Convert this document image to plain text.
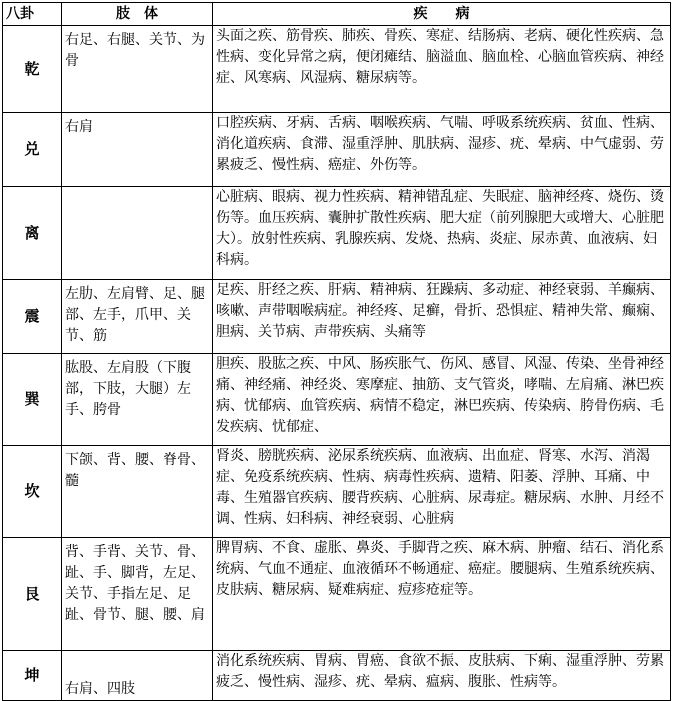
八卦	肢　体	疾　　病
乾	右足、右腿、关节、为骨	头面之疾、筋骨疾、肺疾、骨疾、寒症、结肠病、老病、硬化性疾病、急性病、变化异常之病，便闭瘫结、脑溢血、脑血栓、心脑血管疾病、神经症、风寒病、风湿病、糖尿病等。
兑	右肩	口腔疾病、牙病、舌病、咽喉疾病、气喘、呼吸系统疾病、贫血、性病、消化道疾病、食滞、湿重浮肿、肌肤病、湿疹、疣、晕病、中气虚弱、劳累疲乏、慢性病、癌症、外伤等。
离		心脏病、眼病、视力性疾病、精神错乱症、失眠症、脑神经疼、烧伤、烫伤等。血压疾病、囊肿扩散性疾病、肥大症（前列腺肥大或增大、心脏肥大）。放射性疾病、乳腺疾病、发烧、热病、炎症、尿赤黄、血液病、妇科病。
震	左肋、左肩臂、足、腿部、左手，爪甲、关节、筋	足疾、肝经之疾、肝病、精神病、狂躁病、多动症、神经衰弱、羊癫病、咳嗽、声带咽喉病症。神经疼、足癣，骨折、恐惧症、精神失常、癫痫、胆病、关节病、声带疾病、头痛等
巽	肱股、左肩股（下腹部，下肢，大腿）左手、胯骨	胆疾、股肱之疾、中风、肠疾胀气、伤风、感冒、风湿、传染、坐骨神经痛、神经痛、神经炎、寒摩症、抽筋、支气管炎，哮喘、左肩痛、淋巴疾病、忧郁病、血管疾病、病情不稳定，淋巴疾病、传染病、胯骨伤病、毛发疾病、忧郁症、
坎	下颌、背、腰、脊骨、髓	肾炎、膀胱疾病、泌尿系统疾病、血液病、出血症、肾寒、水泻、消渴症、免疫系统疾病、性病、病毒性疾病、遗精、阳萎、浮肿、耳痛、中毒、生殖器官疾病、腰背疾病、心脏病、尿毒症。糖尿病、水肿、月经不调、性病、妇科病、神经衰弱、心脏病
艮	背、手背、关节、骨、趾、手、脚背，左足、关节、手指左足、足趾、骨节、腿、腰、肩	脾胃病、不食、虚胀、鼻炎、手脚背之疾、麻木病、肿瘤、结石、消化系统病、气血不通症、血液循环不畅通症、癌症。腰腿病、生殖系统疾病、皮肤病、糖尿病、疑难病症、痘疹疮症等。
坤	右肩、四肢	消化系统疾病、胃病、胃癌、食欲不振、皮肤病、下痢、湿重浮肿、劳累疲乏、慢性病、湿疹、疣、晕病、瘟病、腹胀、性病等。
